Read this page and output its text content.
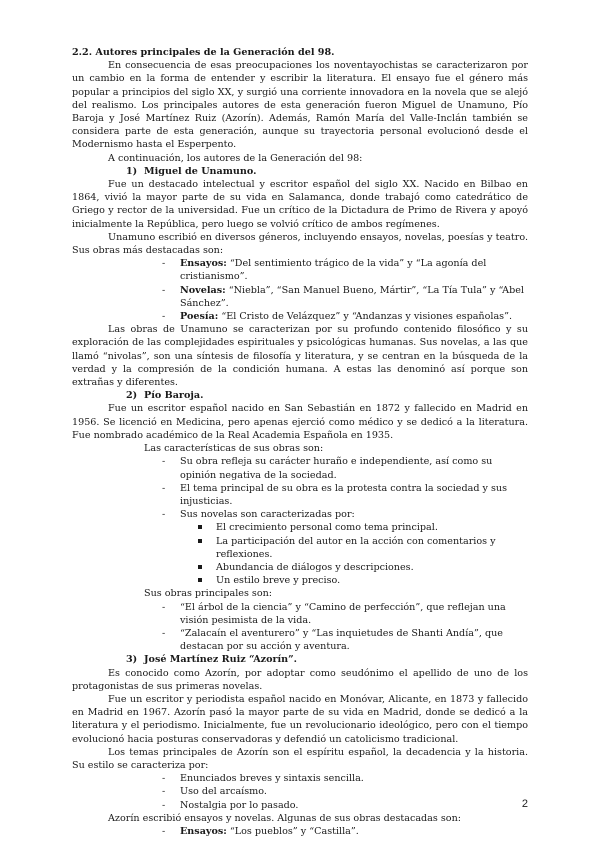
2.2. Autores principales de la Generación del 98.

En consecuencia de esas preocupaciones los noventayochistas se caracterizaron por un cambio en la forma de entender y escribir la literatura. El ensayo fue el género más popular a principios del siglo XX, y surgió una corriente innovadora en la novela que se alejó del realismo. Los principales autores de esta generación fueron Miguel de Unamuno, Pío Baroja y José Martínez Ruiz (Azorín). Además, Ramón María del Valle-Inclán también se considera parte de esta generación, aunque su trayectoria personal evolucionó desde el Modernismo hasta el Esperpento.

A continuación, los autores de la Generación del 98:

1) Miguel de Unamuno.

Fue un destacado intelectual y escritor español del siglo XX. Nacido en Bilbao en 1864, vivió la mayor parte de su vida en Salamanca, donde trabajó como catedrático de Griego y rector de la universidad. Fue un crítico de la Dictadura de Primo de Rivera y apoyó inicialmente la República, pero luego se volvió crítico de ambos regímenes.

Unamuno escribió en diversos géneros, incluyendo ensayos, novelas, poesías y teatro. Sus obras más destacadas son:

- Ensayos: “Del sentimiento trágico de la vida” y “La agonía del cristianismo”.
- Novelas: “Niebla”, “San Manuel Bueno, Mártir”, “La Tía Tula” y “Abel Sánchez”.
- Poesía: “El Cristo de Velázquez” y “Andanzas y visiones españolas”.

Las obras de Unamuno se caracterizan por su profundo contenido filosófico y su exploración de las complejidades espirituales y psicológicas humanas. Sus novelas, a las que llamó “nivolas”, son una síntesis de filosofía y literatura, y se centran en la búsqueda de la verdad y la compresión de la condición humana. A estas las denominó así porque son extrañas y diferentes.

2) Pío Baroja.

Fue un escritor español nacido en San Sebastián en 1872 y fallecido en Madrid en 1956. Se licenció en Medicina, pero apenas ejerció como médico y se dedicó a la literatura. Fue nombrado académico de la Real Academia Española en 1935.

Las características de sus obras son:

- Su obra refleja su carácter huraño e independiente, así como su opinión negativa de la sociedad.
- El tema principal de su obra es la protesta contra la sociedad y sus injusticias.
- Sus novelas son caracterizadas por:
El crecimiento personal como tema principal.
La participación del autor en la acción con comentarios y reflexiones.
Abundancia de diálogos y descripciones.
Un estilo breve y preciso.

Sus obras principales son:

- “El árbol de la ciencia” y “Camino de perfección”, que reflejan una visión pesimista de la vida.
- “Zalacaín el aventurero” y “Las inquietudes de Shanti Andía”, que destacan por su acción y aventura.
3) José Martínez Ruiz “Azorín”.

Es conocido como Azorín, por adoptar como seudónimo el apellido de uno de los protagonistas de sus primeras novelas.

Fue un escritor y periodista español nacido en Monóvar, Alicante, en 1873 y fallecido en Madrid en 1967. Azorín pasó la mayor parte de su vida en Madrid, donde se dedicó a la literatura y el periodismo. Inicialmente, fue un revolucionario ideológico, pero con el tiempo evolucionó hacia posturas conservadoras y defendió un catolicismo tradicional.

Los temas principales de Azorín son el espíritu español, la decadencia y la historia. Su estilo se caracteriza por:

- Enunciados breves y sintaxis sencilla.
- Uso del arcaísmo.
- Nostalgia por lo pasado.

Azorín escribió ensayos y novelas. Algunas de sus obras destacadas son:

- Ensayos: “Los pueblos” y “Castilla”.
2
